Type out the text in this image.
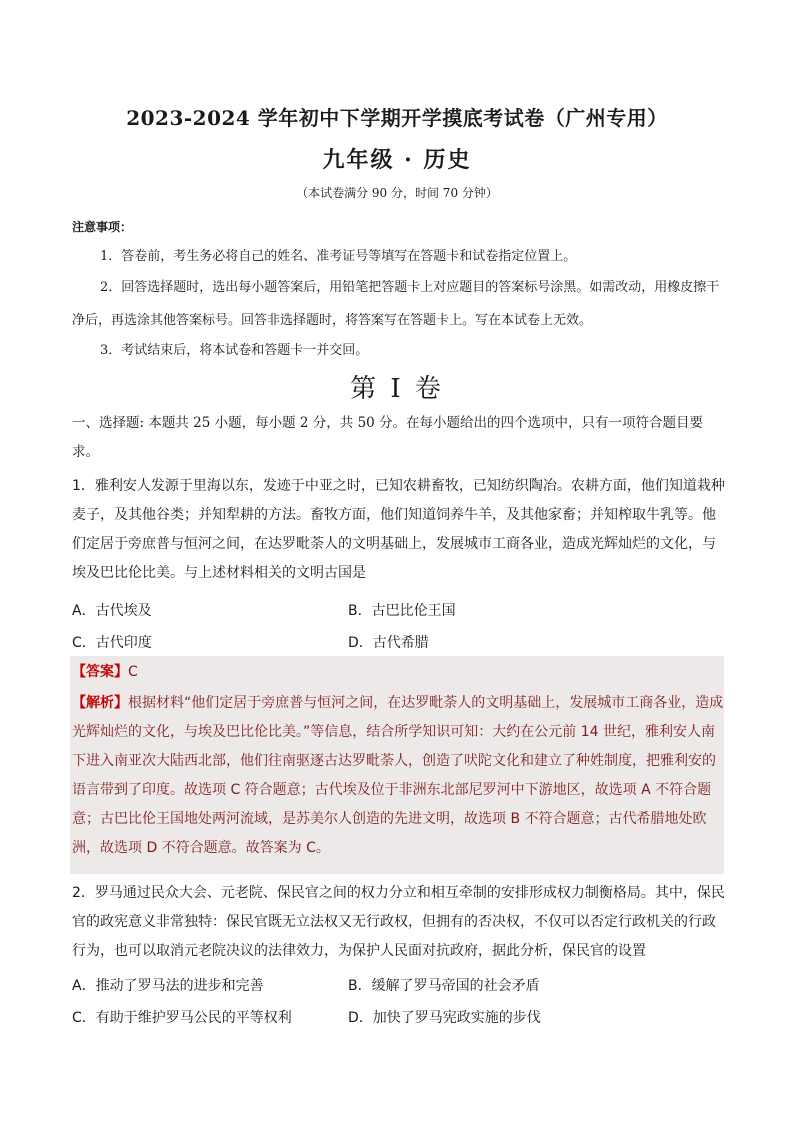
2023-2024 学年初中下学期开学摸底考试卷（广州专用）
九年级 · 历史
（本试卷满分 90 分，时间 70 分钟）
注意事项：
1．答卷前，考生务必将自己的姓名、准考证号等填写在答题卡和试卷指定位置上。
2．回答选择题时，选出每小题答案后，用铅笔把答题卡上对应题目的答案标号涂黑。如需改动，用橡皮擦干净后，再选涂其他答案标号。回答非选择题时，将答案写在答题卡上。写在本试卷上无效。
3．考试结束后，将本试卷和答题卡一并交回。
第 I 卷
一、选择题: 本题共 25 小题，每小题 2 分，共 50 分。在每小题给出的四个选项中，只有一项符合题目要求。
1．雅利安人发源于里海以东，发迹于中亚之时，已知农耕畜牧，已知纺织陶冶。农耕方面，他们知道栽种麦子，及其他谷类；并知犁耕的方法。畜牧方面，他们知道饲养牛羊，及其他家畜；并知榨取牛乳等。他们定居于旁庶普与恒河之间，在达罗毗荼人的文明基础上，发展城市工商各业，造成光辉灿烂的文化，与埃及巴比伦比美。与上述材料相关的文明古国是
A．古代埃及	B．古巴比伦王国
C．古代印度	D．古代希腊
【答案】C
【解析】根据材料“他们定居于旁庶普与恒河之间，在达罗毗荼人的文明基础上，发展城市工商各业，造成光辉灿烂的文化，与埃及巴比伦比美。”等信息，结合所学知识可知：大约在公元前 14 世纪，雅利安人南下进入南亚次大陆西北部，他们往南驱逐古达罗毗荼人，创造了吠陀文化和建立了种姓制度，把雅利安的语言带到了印度。故选项 C 符合题意；古代埃及位于非洲东北部尼罗河中下游地区，故选项 A 不符合题意；古巴比伦王国地处两河流域，是苏美尔人创造的先进文明，故选项 B 不符合题意；古代希腊地处欧洲，故选项 D 不符合题意。故答案为 C。
2．罗马通过民众大会、元老院、保民官之间的权力分立和相互牵制的安排形成权力制衡格局。其中，保民官的政宪意义非常独特：保民官既无立法权又无行政权，但拥有的否决权，不仅可以否定行政机关的行政行为，也可以取消元老院决议的法律效力，为保护人民面对抗政府，据此分析，保民官的设置
A．推动了罗马法的进步和完善	B．缓解了罗马帝国的社会矛盾
C．有助于维护罗马公民的平等权利	D．加快了罗马宪政实施的步伐
